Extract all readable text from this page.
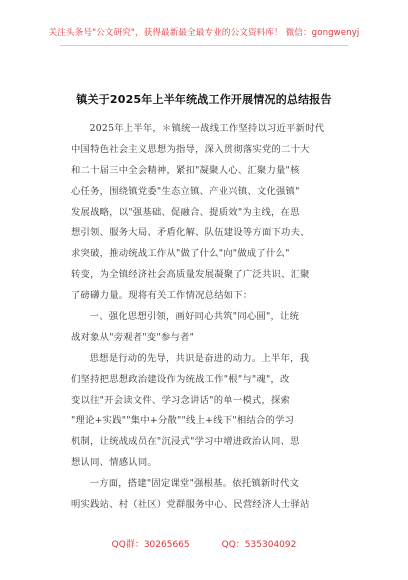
关注头条号"公文研究"，获得最新最全最专业的公文资料库！ 微信：gongwenyj
镇关于2025年上半年统战工作开展情况的总结报告
2025年上半年，＊镇统一战线工作坚持以习近平新时代
中国特色社会主义思想为指导，深入贯彻落实党的二十大
和二十届三中全会精神，紧扣"凝聚人心、汇聚力量"核
心任务，围绕镇党委"生态立镇、产业兴镇、文化强镇"
发展战略，以"强基础、促融合、提质效"为主线，在思
想引领、服务大局、矛盾化解、队伍建设等方面下功夫、
求突破，推动统战工作从"做了什么"向"做成了什么"
转变，为全镇经济社会高质量发展凝聚了广泛共识、汇聚
了磅礴力量。现将有关工作情况总结如下：
一、强化思想引领，画好同心共筑"同心圆"，让统
战对象从"旁观者"变"参与者"
思想是行动的先导，共识是奋进的动力。上半年，我
们坚持把思想政治建设作为统战工作"根"与"魂"，改
变以往"开会读文件、学习念讲话"的单一模式，探索
"理论+实践""集中+分散""线上+线下"相结合的学习
机制，让统战成员在"沉浸式"学习中增进政治认同、思
想认同、情感认同。
一方面，搭建"固定课堂"强根基。依托镇新时代文
明实践站、村（社区）党群服务中心、民营经济人士驿站
QQ群：30265665	QQ：535304092
